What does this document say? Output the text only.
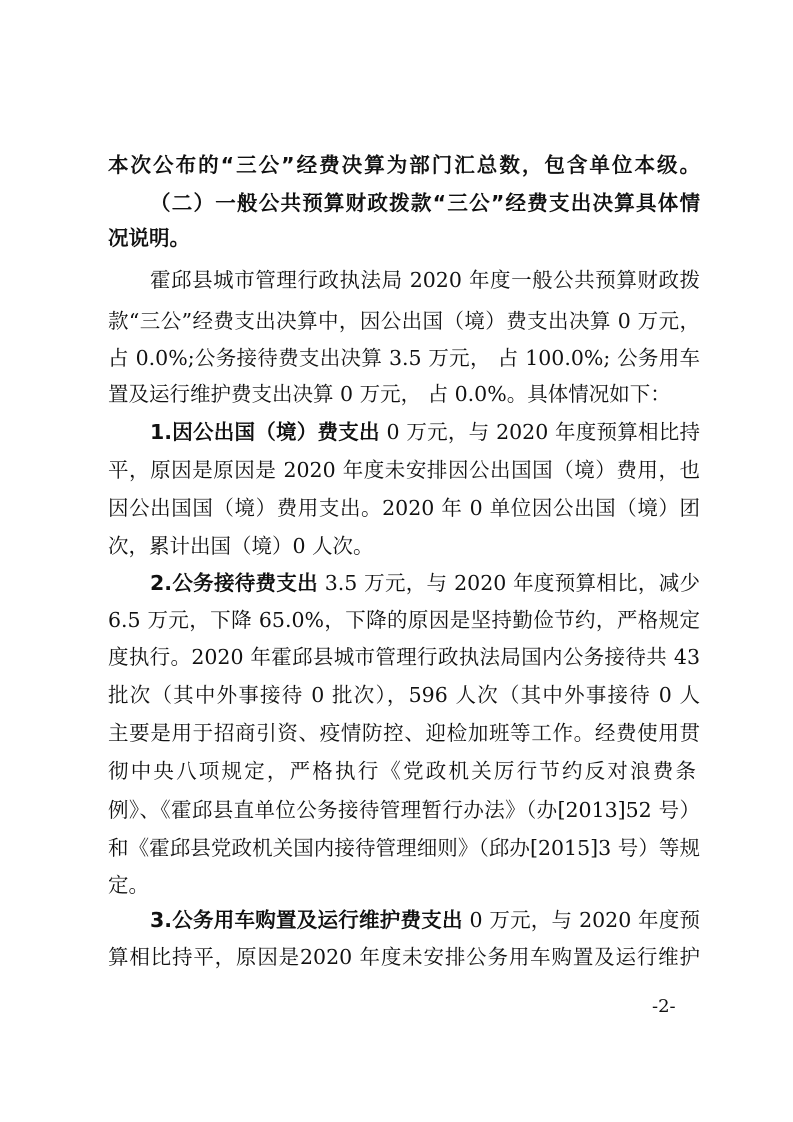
本次公布的“三公”经费决算为部门汇总数，包含单位本级。
（二）一般公共预算财政拨款“三公”经费支出决算具体情
况说明。
霍邱县城市管理行政执法局 2020 年度一般公共预算财政拨
款“三公”经费支出决算中，因公出国（境）费支出决算 0 万元，
占 0.0%;公务接待费支出决算 3.5 万元， 占 100.0%; 公务用车
置及运行维护费支出决算 0 万元， 占 0.0%。具体情况如下：
1.因公出国（境）费支出 0 万元，与 2020 年度预算相比持
平，原因是原因是 2020 年度未安排因公出国国（境）费用，也
因公出国国（境）费用支出。2020 年 0 单位因公出国（境）团
次，累计出国（境）0 人次。
2.公务接待费支出 3.5 万元，与 2020 年度预算相比，减少
6.5 万元，下降 65.0%，下降的原因是坚持勤俭节约，严格规定
度执行。2020 年霍邱县城市管理行政执法局国内公务接待共 43
批次（其中外事接待 0 批次），596 人次（其中外事接待 0 人
主要是用于招商引资、疫情防控、迎检加班等工作。经费使用贯
彻中央八项规定，严格执行《党政机关厉行节约反对浪费条
例》、《霍邱县直单位公务接待管理暂行办法》（办[2013]52 号）
和《霍邱县党政机关国内接待管理细则》（邱办[2015]3 号）等规
定。
3.公务用车购置及运行维护费支出 0 万元，与 2020 年度预
算相比持平，原因是2020 年度未安排公务用车购置及运行维护
-2-
